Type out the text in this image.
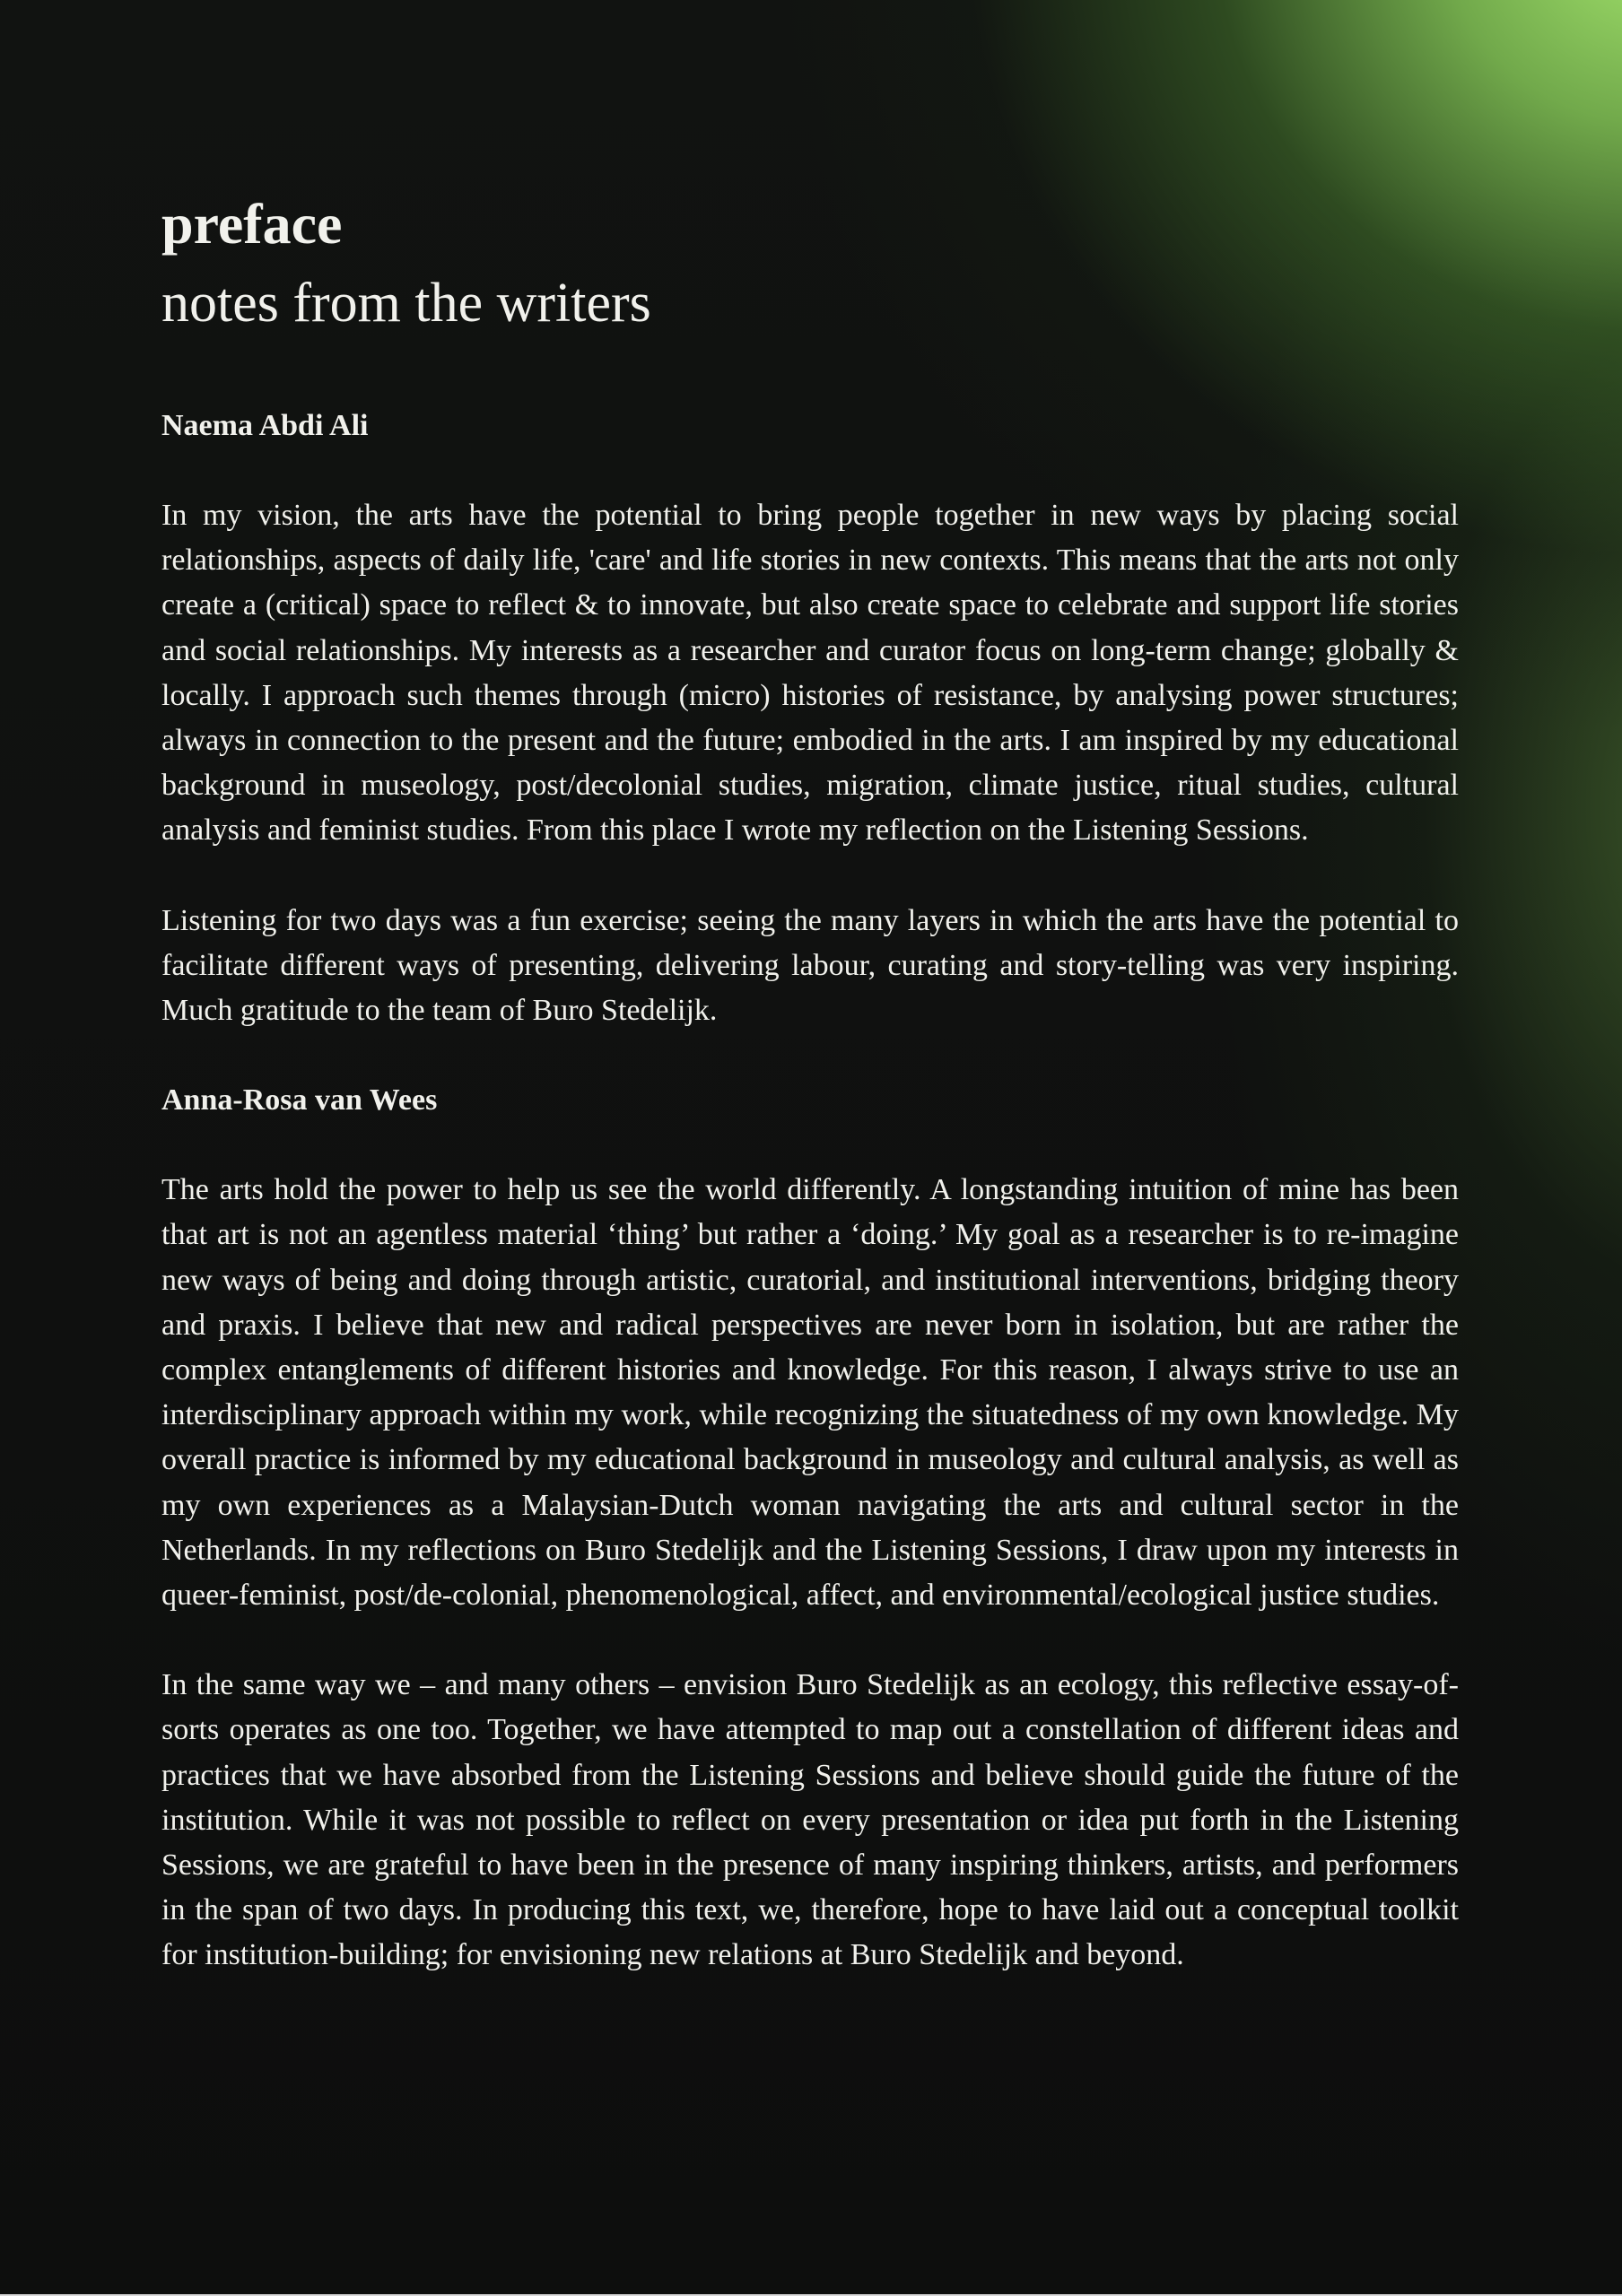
preface
notes from the writers

Naema Abdi Ali

In my vision, the arts have the potential to bring people together in new ways by placing social relationships, aspects of daily life, 'care' and life stories in new contexts. This means that the arts not only create a (critical) space to reflect & to innovate, but also create space to celebrate and support life stories and social relationships. My interests as a researcher and curator focus on long-term change; globally & locally. I approach such themes through (micro) histories of resistance, by analysing power structures; always in connection to the present and the future; embodied in the arts. I am inspired by my educational background in museology, post/decolonial studies, migration, climate justice, ritual studies, cultural analysis and feminist studies. From this place I wrote my reflection on the Listening Sessions.

Listening for two days was a fun exercise; seeing the many layers in which the arts have the potential to facilitate different ways of presenting, delivering labour, curating and story-telling was very inspiring. Much gratitude to the team of Buro Stedelijk.

Anna-Rosa van Wees

The arts hold the power to help us see the world differently. A longstanding intuition of mine has been that art is not an agentless material ‘thing’ but rather a ‘doing.’ My goal as a researcher is to re-imagine new ways of being and doing through artistic, curatorial, and institutional interventions, bridging theory and praxis. I believe that new and radical perspectives are never born in isolation, but are rather the complex entanglements of different histories and knowledge. For this reason, I always strive to use an interdisciplinary approach within my work, while recognizing the situatedness of my own knowledge. My overall practice is informed by my educational background in museology and cultural analysis, as well as my own experiences as a Malaysian-Dutch woman navigating the arts and cultural sector in the Netherlands. In my reflections on Buro Stedelijk and the Listening Sessions, I draw upon my interests in queer-feminist, post/de-colonial, phenomenological, affect, and environmental/ecological justice studies.

In the same way we – and many others – envision Buro Stedelijk as an ecology, this reflective essay-of-sorts operates as one too. Together, we have attempted to map out a constellation of different ideas and practices that we have absorbed from the Listening Sessions and believe should guide the future of the institution. While it was not possible to reflect on every presentation or idea put forth in the Listening Sessions, we are grateful to have been in the presence of many inspiring thinkers, artists, and performers in the span of two days. In producing this text, we, therefore, hope to have laid out a conceptual toolkit for institution-building; for envisioning new relations at Buro Stedelijk and beyond.
